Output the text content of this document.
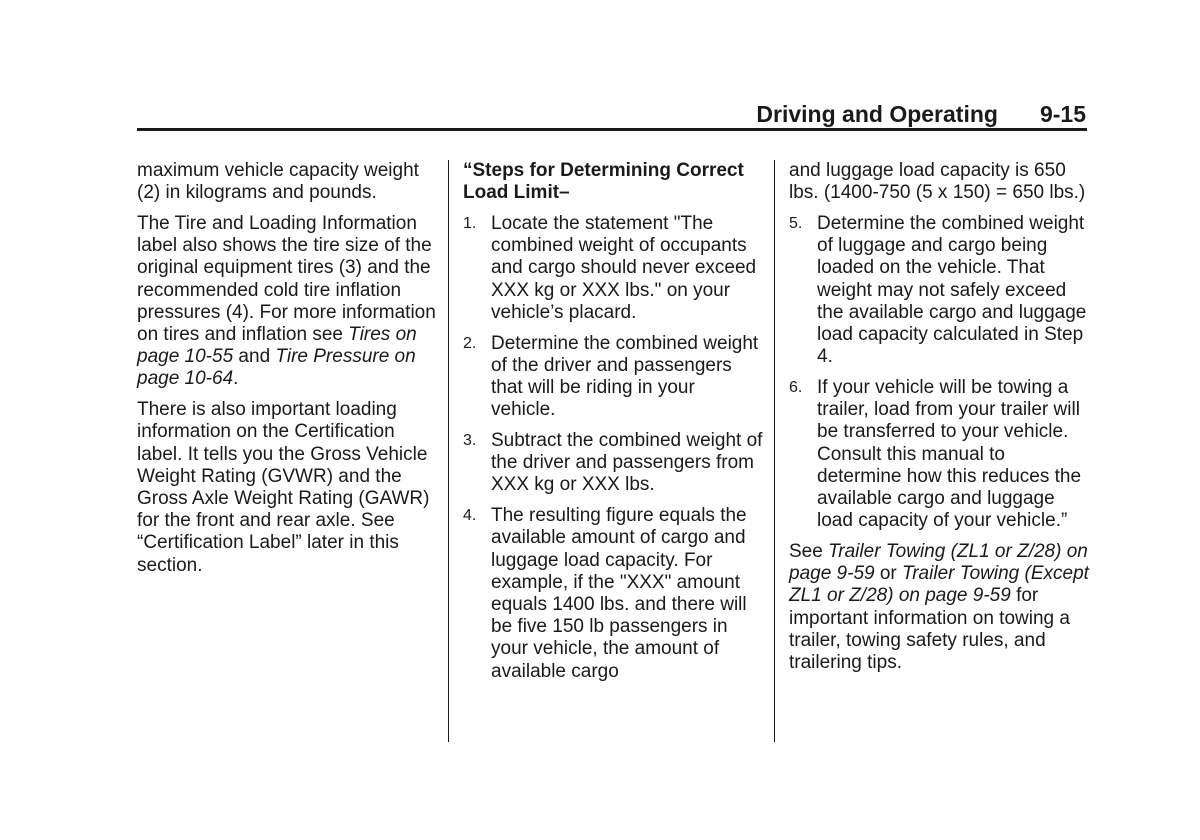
Driving and Operating 9-15

maximum vehicle capacity weight (2) in kilograms and pounds.

The Tire and Loading Information label also shows the tire size of the original equipment tires (3) and the recommended cold tire inflation pressures (4). For more information on tires and inflation see Tires on page 10-55 and Tire Pressure on page 10-64.

There is also important loading information on the Certification label. It tells you the Gross Vehicle Weight Rating (GVWR) and the Gross Axle Weight Rating (GAWR) for the front and rear axle. See “Certification Label” later in this section.

“Steps for Determining Correct Load Limit–

1. Locate the statement "The combined weight of occupants and cargo should never exceed XXX kg or XXX lbs." on your vehicle’s placard.
2. Determine the combined weight of the driver and passengers that will be riding in your vehicle.
3. Subtract the combined weight of the driver and passengers from XXX kg or XXX lbs.
4. The resulting figure equals the available amount of cargo and luggage load capacity. For example, if the "XXX" amount equals 1400 lbs. and there will be five 150 lb passengers in your vehicle, the amount of available cargo

and luggage load capacity is 650 lbs. (1400-750 (5 x 150) = 650 lbs.)

5. Determine the combined weight of luggage and cargo being loaded on the vehicle. That weight may not safely exceed the available cargo and luggage load capacity calculated in Step 4.
6. If your vehicle will be towing a trailer, load from your trailer will be transferred to your vehicle. Consult this manual to determine how this reduces the available cargo and luggage load capacity of your vehicle.”

See Trailer Towing (ZL1 or Z/28) on page 9-59 or Trailer Towing (Except ZL1 or Z/28) on page 9-59 for important information on towing a trailer, towing safety rules, and trailering tips.
